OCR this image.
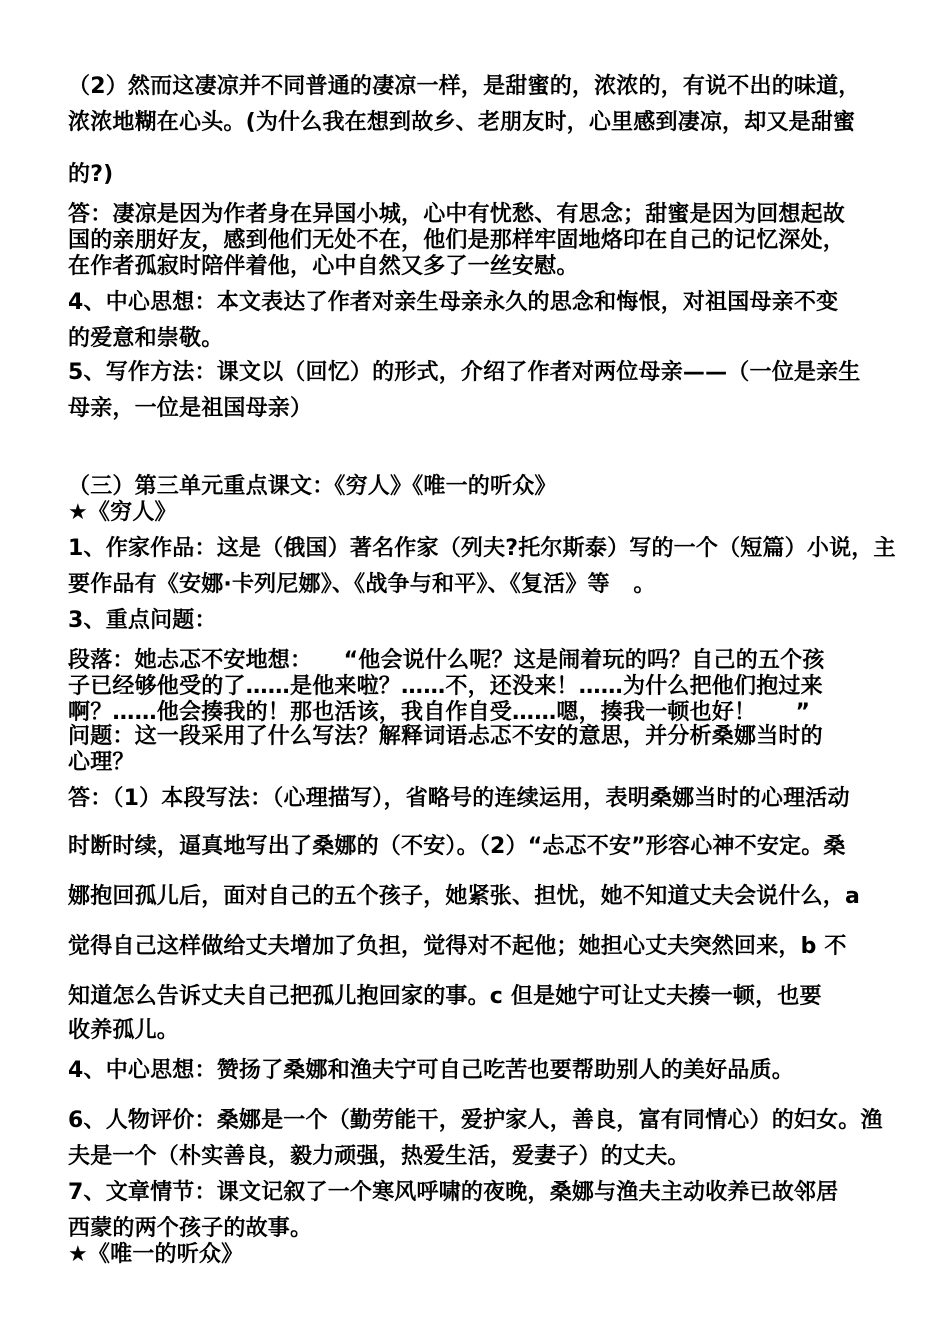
（2）然而这凄凉并不同普通的凄凉一样，是甜蜜的，浓浓的，有说不出的味道，
浓浓地糊在心头。(为什么我在想到故乡、老朋友时，心里感到凄凉，却又是甜蜜
的?)
答：凄凉是因为作者身在异国小城，心中有忧愁、有思念；甜蜜是因为回想起故
国的亲朋好友，感到他们无处不在，他们是那样牢固地烙印在自己的记忆深处，
在作者孤寂时陪伴着他，心中自然又多了一丝安慰。
4、中心思想：本文表达了作者对亲生母亲永久的思念和悔恨，对祖国母亲不变
的爱意和崇敬。
5、写作方法：课文以（回忆）的形式，介绍了作者对两位母亲——（一位是亲生
母亲，一位是祖国母亲）
（三）第三单元重点课文：《穷人》《唯一的听众》
★《穷人》
1、作家作品：这是（俄国）著名作家（列夫?托尔斯泰）写的一个（短篇）小说，主
要作品有《安娜·卡列尼娜》、《战争与和平》、《复活》等   。
3、重点问题：
段落：她忐忑不安地想：    “他会说什么呢？这是闹着玩的吗？自己的五个孩
子已经够他受的了……是他来啦？……不，还没来！……为什么把他们抱过来
啊？……他会揍我的！那也活该，我自作自受……嗯，揍我一顿也好！     ”
问题：这一段采用了什么写法？解释词语忐忑不安的意思，并分析桑娜当时的
心理？
答：（1）本段写法：（心理描写），省略号的连续运用，表明桑娜当时的心理活动
时断时续，逼真地写出了桑娜的（不安）。（2）“忐忑不安”形容心神不安定。桑
娜抱回孤儿后，面对自己的五个孩子，她紧张、担忧，她不知道丈夫会说什么，a
觉得自己这样做给丈夫增加了负担，觉得对不起他；她担心丈夫突然回来，b 不
知道怎么告诉丈夫自己把孤儿抱回家的事。c 但是她宁可让丈夫揍一顿，也要
收养孤儿。
4、中心思想：赞扬了桑娜和渔夫宁可自己吃苦也要帮助别人的美好品质。
6、人物评价：桑娜是一个（勤劳能干，爱护家人，善良，富有同情心）的妇女。渔
夫是一个（朴实善良，毅力顽强，热爱生活，爱妻子）的丈夫。
7、文章情节：课文记叙了一个寒风呼啸的夜晚，桑娜与渔夫主动收养已故邻居
西蒙的两个孩子的故事。
★《唯一的听众》
